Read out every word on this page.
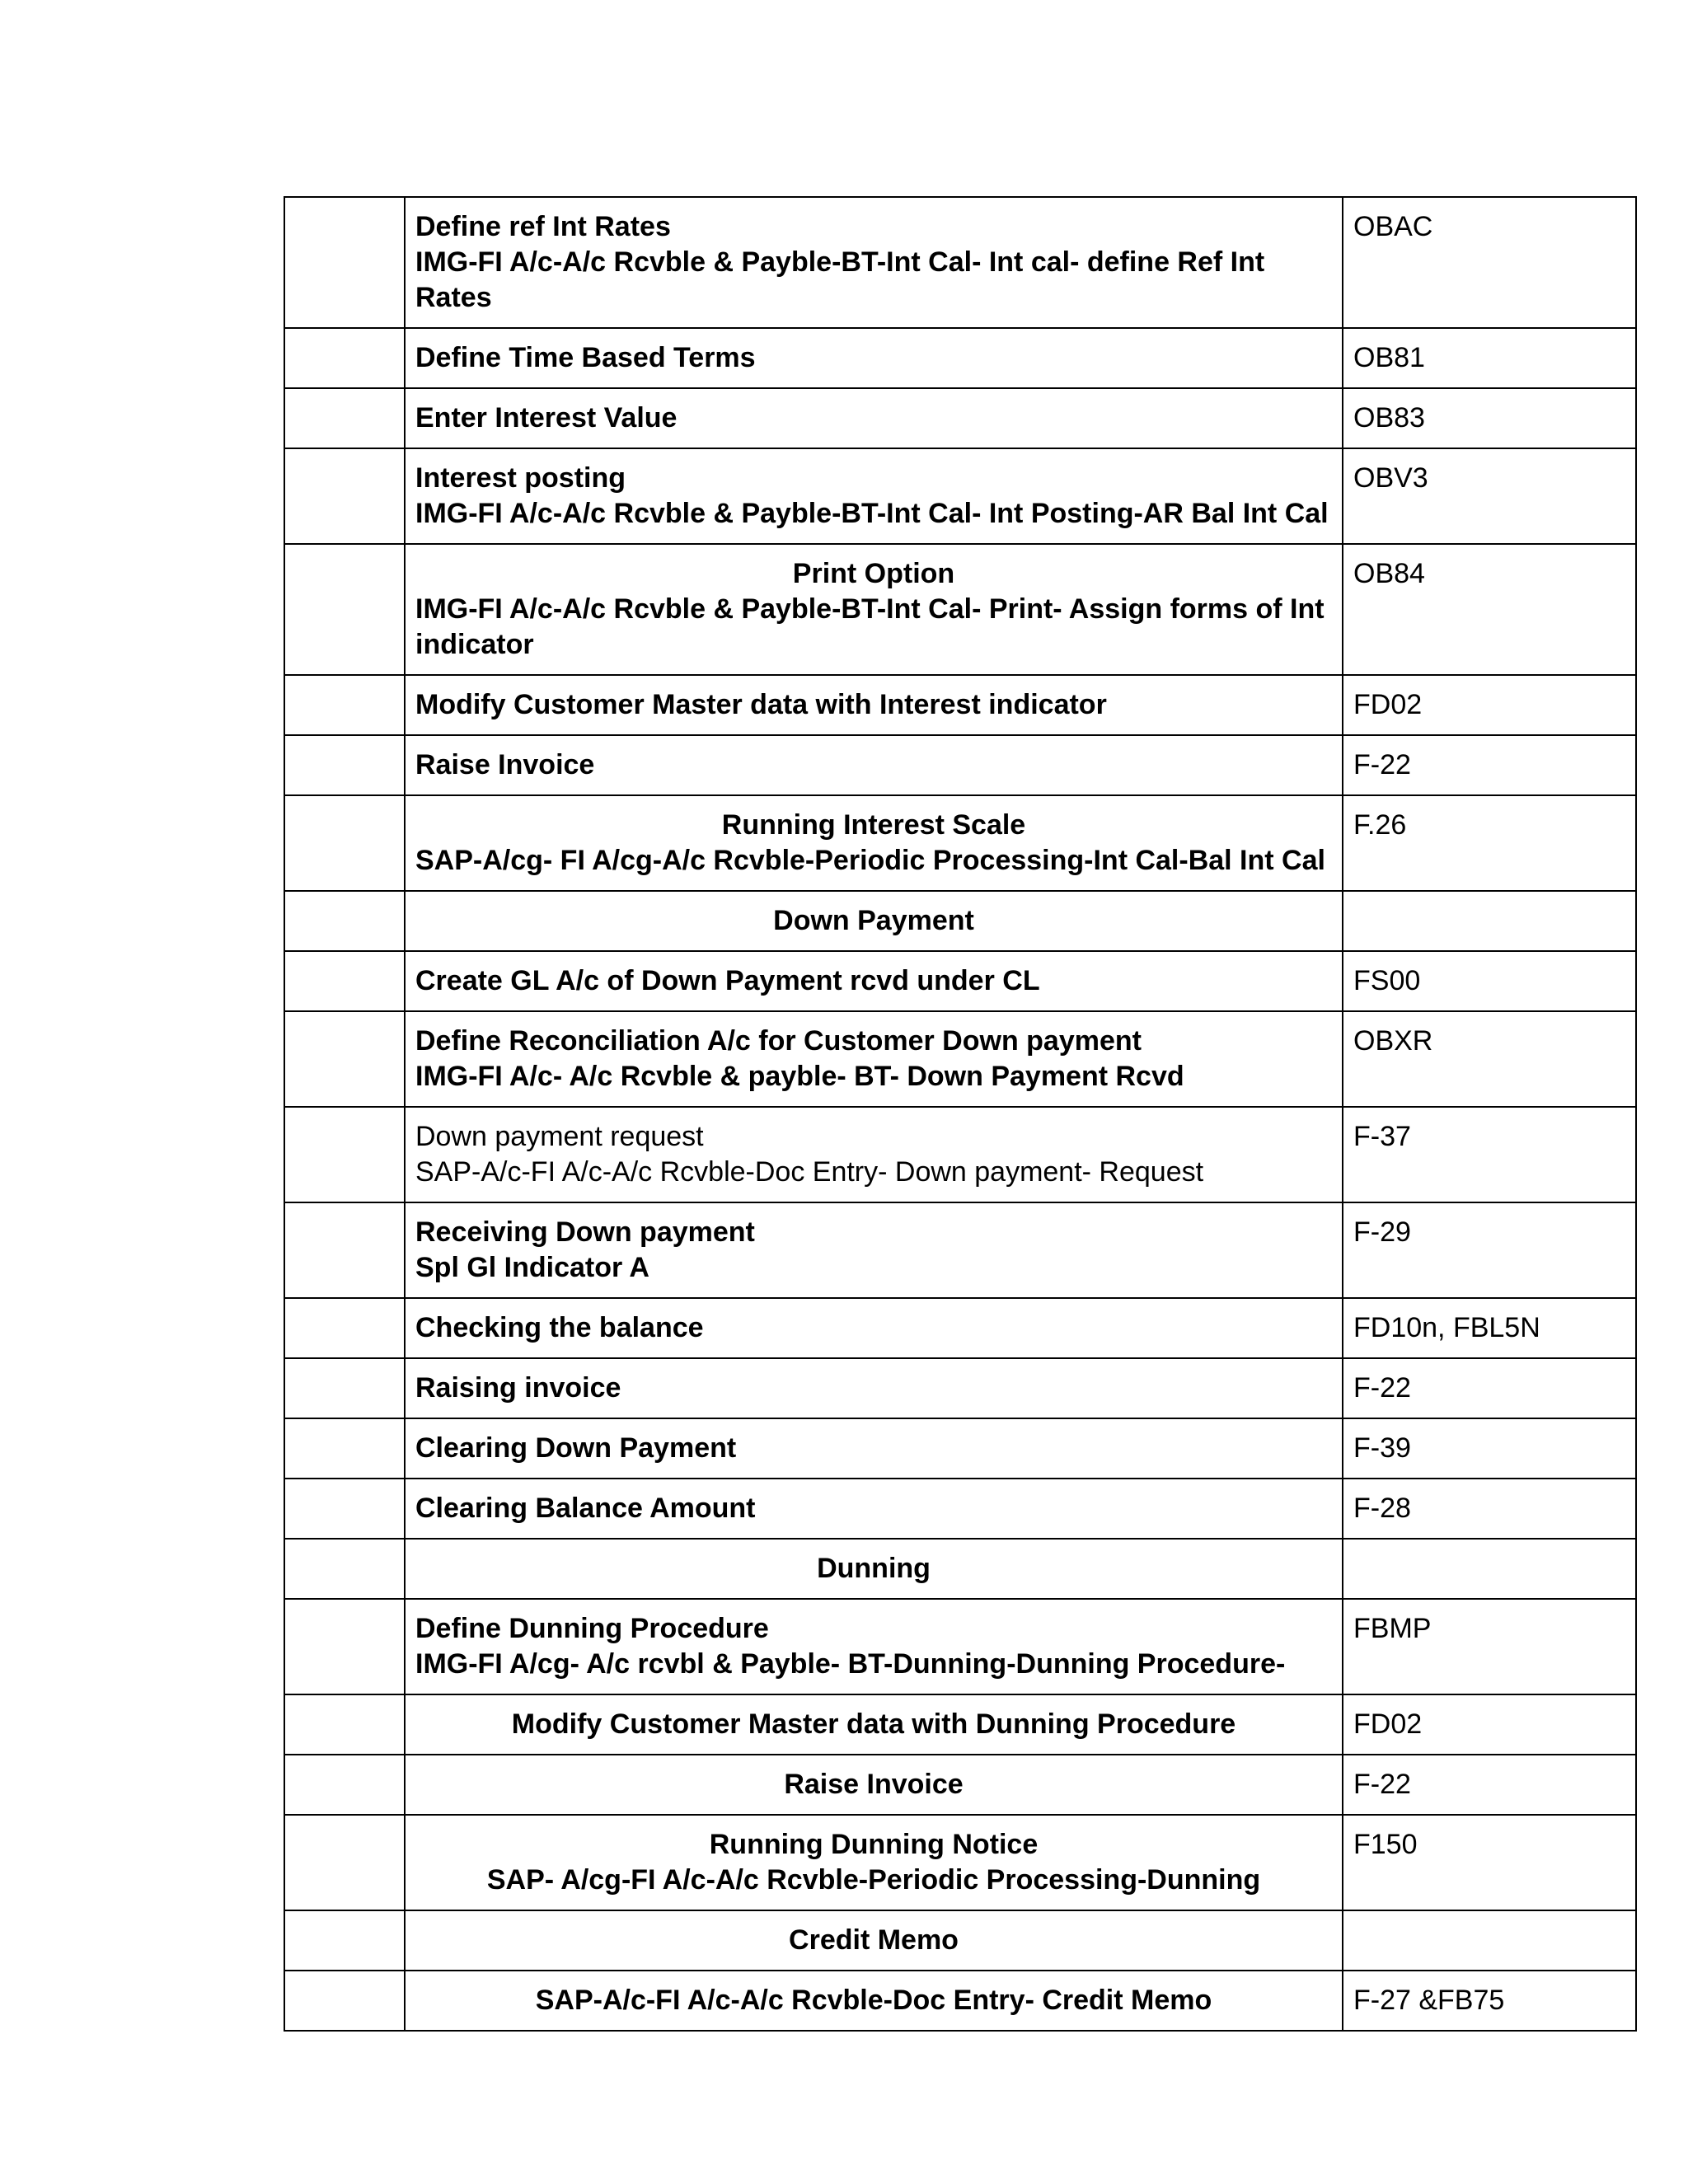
	Define ref Int Rates
IMG-FI A/c-A/c Rcvble & Payble-BT-Int Cal- Int cal- define Ref Int Rates	OBAC

	Define Time Based Terms	OB81

	Enter Interest Value	OB83

	Interest posting
IMG-FI A/c-A/c Rcvble & Payble-BT-Int Cal- Int Posting-AR Bal Int Cal	OBV3

	Print Option
IMG-FI A/c-A/c Rcvble & Payble-BT-Int Cal- Print- Assign forms of Int indicator	OB84

	Modify Customer Master data with Interest indicator	FD02

	Raise Invoice	F-22

	Running Interest Scale
SAP-A/cg- FI A/cg-A/c Rcvble-Periodic Processing-Int Cal-Bal Int Cal	F.26

	Down Payment	

	Create GL A/c of Down Payment rcvd under CL	FS00

	Define Reconciliation A/c for Customer Down payment
IMG-FI A/c- A/c Rcvble & payble- BT- Down Payment Rcvd	OBXR

	Down payment request
SAP-A/c-FI A/c-A/c Rcvble-Doc Entry- Down payment- Request	F-37

	Receiving Down payment
Spl Gl Indicator A	F-29

	Checking the balance	FD10n, FBL5N

	Raising invoice	F-22

	Clearing Down Payment	F-39

	Clearing Balance Amount	F-28

	Dunning	

	Define Dunning Procedure
IMG-FI A/cg- A/c rcvbl & Payble- BT-Dunning-Dunning Procedure-	FBMP

	Modify Customer Master data with Dunning Procedure	FD02

	Raise Invoice	F-22

	Running Dunning Notice
SAP- A/cg-FI A/c-A/c Rcvble-Periodic Processing-Dunning	F150

	Credit Memo	

	SAP-A/c-FI A/c-A/c Rcvble-Doc Entry- Credit Memo	F-27 &FB75
